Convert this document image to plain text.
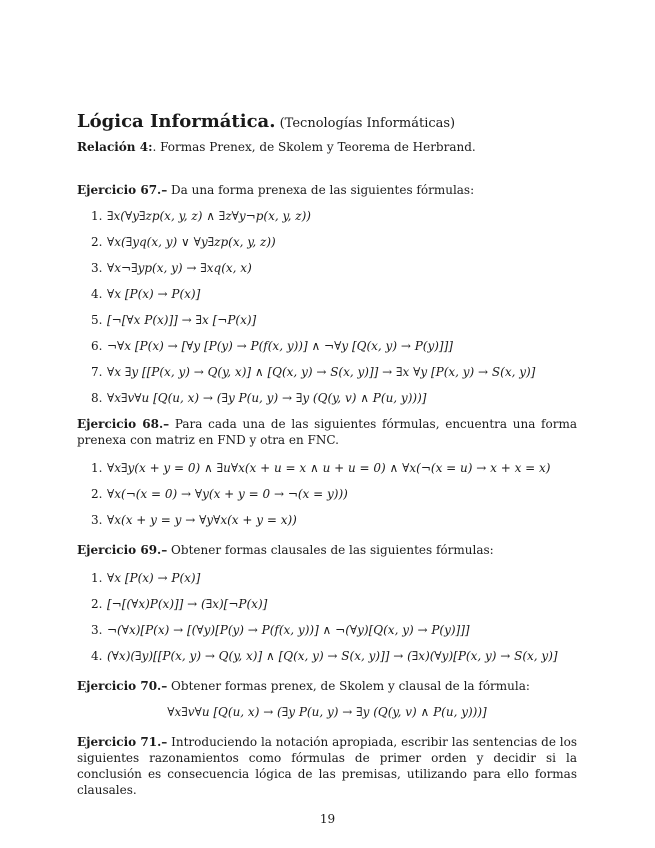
Lógica Informática. (Tecnologías Informáticas)
Relación 4:. Formas Prenex, de Skolem y Teorema de Herbrand.
Ejercicio 67.– Da una forma prenexa de las siguientes fórmulas:
1. ∃x(∀y∃zp(x, y, z) ∧ ∃z∀y¬p(x, y, z))
2. ∀x(∃yq(x, y) ∨ ∀y∃zp(x, y, z))
3. ∀x¬∃yp(x, y) → ∃xq(x, x)
4. ∀x [P(x) → P(x)]
5. [¬[∀x P(x)]] → ∃x [¬P(x)]
6. ¬∀x [P(x) → [∀y [P(y) → P(f(x, y))] ∧ ¬∀y [Q(x, y) → P(y)]]]
7. ∀x ∃y [[P(x, y) → Q(y, x)] ∧ [Q(x, y) → S(x, y)]] → ∃x ∀y [P(x, y) → S(x, y)]
8. ∀x∃v∀u [Q(u, x) → (∃y P(u, y) → ∃y (Q(y, v) ∧ P(u, y)))]
Ejercicio 68.– Para cada una de las siguientes fórmulas, encuentra una forma prenexa con matriz en FND y otra en FNC.
1. ∀x∃y(x + y = 0) ∧ ∃u∀x(x + u = x ∧ u + u = 0) ∧ ∀x(¬(x = u) → x + x = x)
2. ∀x(¬(x = 0) → ∀y(x + y = 0 → ¬(x = y)))
3. ∀x(x + y = y → ∀y∀x(x + y = x))
Ejercicio 69.– Obtener formas clausales de las siguientes fórmulas:
1. ∀x [P(x) → P(x)]
2. [¬[(∀x)P(x)]] → (∃x)[¬P(x)]
3. ¬(∀x)[P(x) → [(∀y)[P(y) → P(f(x, y))] ∧ ¬(∀y)[Q(x, y) → P(y)]]]
4. (∀x)(∃y)[[P(x, y) → Q(y, x)] ∧ [Q(x, y) → S(x, y)]] → (∃x)(∀y)[P(x, y) → S(x, y)]
Ejercicio 70.– Obtener formas prenex, de Skolem y clausal de la fórmula:
∀x∃v∀u [Q(u, x) → (∃y P(u, y) → ∃y (Q(y, v) ∧ P(u, y)))]
Ejercicio 71.– Introduciendo la notación apropiada, escribir las sentencias de los siguientes razonamientos como fórmulas de primer orden y decidir si la conclusión es consecuencia lógica de las premisas, utilizando para ello formas clausales.
19
